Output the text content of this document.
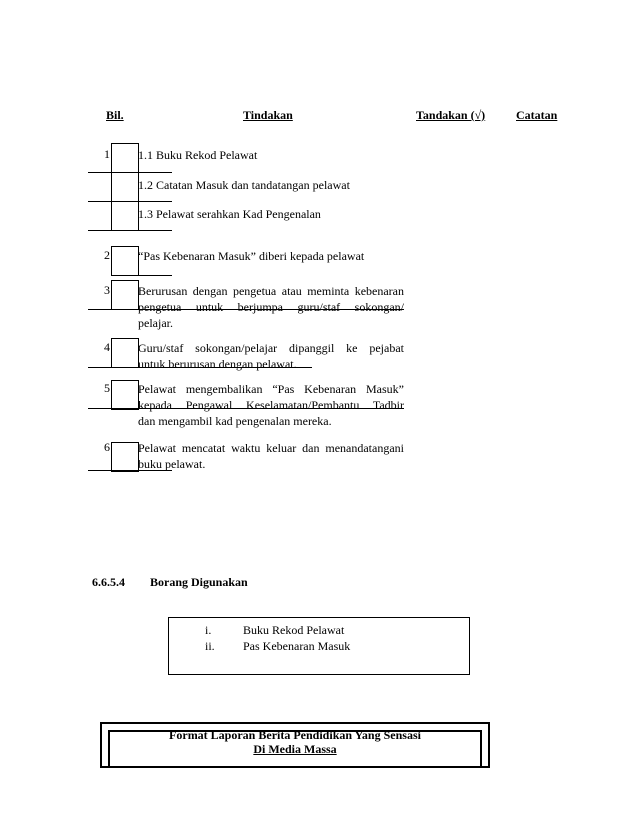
Bil.	Tindakan	Tandakan (√)	Catatan
1 1.1 Buku Rekod Pelawat
1.2 Catatan Masuk dan tandatangan pelawat
1.3 Pelawat serahkan Kad Pengenalan
2 “Pas Kebenaran Masuk” diberi kepada pelawat
3 Berurusan dengan pengetua atau meminta kebenaran
pengetua untuk berjumpa guru/staf sokongan/
pelajar.
4 Guru/staf sokongan/pelajar dipanggil ke pejabat
untuk berurusan dengan pelawat.
5 Pelawat mengembalikan “Pas Kebenaran Masuk”
kepada Pengawal Keselamatan/Pembantu Tadbir
dan mengambil kad pengenalan mereka.
6 Pelawat mencatat waktu keluar dan menandatangani
buku pelawat.
6.6.5.4 Borang Digunakan
i.	Buku Rekod Pelawat
ii. Pas Kebenaran Masuk
Format Laporan Berita Pendidikan Yang Sensasi
Di Media Massa
